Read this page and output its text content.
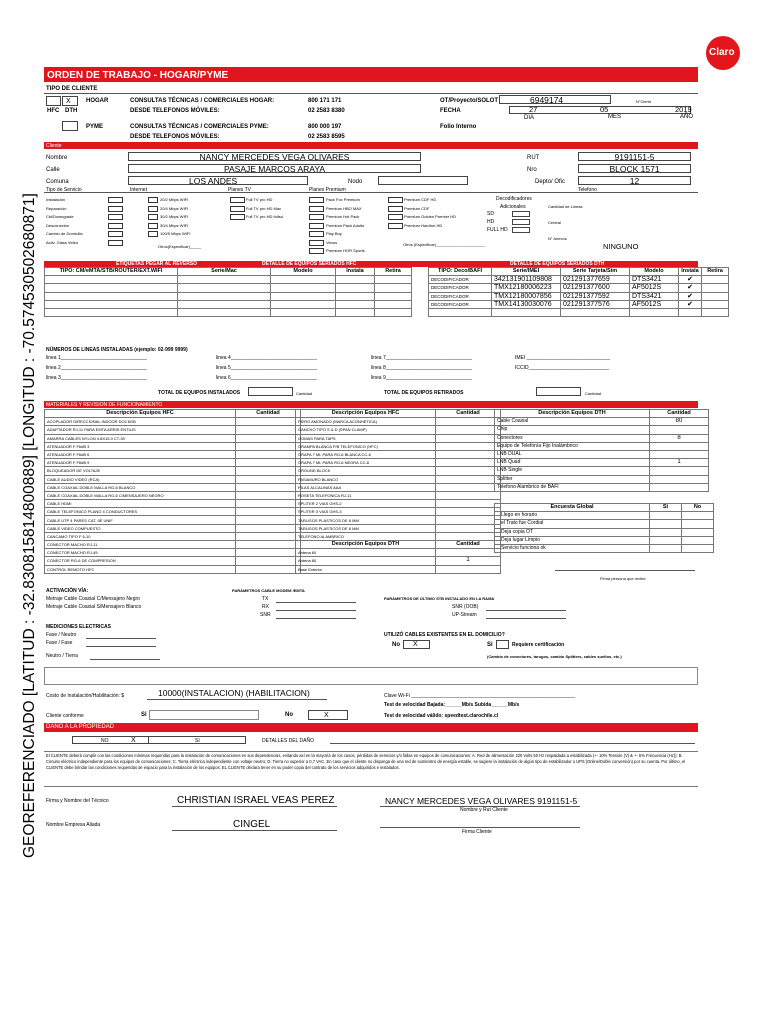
GEOREFERENCIADO [LATITUD : -32.830815814800889] [LONGITUD : -70.574530502680871]
Claro
ORDEN DE TRABAJO - HOGAR/PYME
TIPO DE CLIENTE
X	HOGAR
HFC DTH
PYME
CONSULTAS TÉCNICAS / COMERCIALES HOGAR:	800 171 171
DESDE TELEFONOS MÓVILES:	02 2583 8380
CONSULTAS TÉCNICAS / COMERCIALES PYME:	800 000 197
DESDE TELEFONOS MÓVILES:	02 2583 8595
OT/Proyecto/SOLOT	6949174	N°Cierre
FECHA	27	05	2019
DIA	MES	AÑO
Folio Interno
Cliente
Nombre	NANCY MERCEDES VEGA OLIVARES	RUT	9191151-5
Calle	PASAJE MARCOS ARAYA	Nro	BLOCK 1571
Comuna	LOS ANDES	Nodo	Depto/ Ofic	12
Tipo de Servicio	Internet	Planes TV	Planes Premium	Telefono
Instalación
Reparación
Cbi/Downgrade
Desconexión
Cambio de Domicilio
Activ. Glass Video
20/2 Mbps WIFI
20/4 Mbps WIFI
30/2 Mbps WIFI
30/4 Mbps WIFI
100/5 Mbps WIFI
Otros(Especificar)_____
Full TV pro HD
Full TV pro HD Max
Full TV pro HD fullsd
Pack Fox Premium
Premium HBO MAX
Premium Hot Pack
Premium Pack Adulto
Play Boy
Venus
Premium HOR Sports
Premium CDF HD
Premium CDF
Premium Golden Premier HD
Premium Hardhm HD
Decodificadores
Adicionales
SD
HD
FULL HD
Cantidad de Lineas
Central
N° Anexos
NINGUNO
Otros (Especificar)______________________
ETIQUETAS PEGAR AL REVERSO	DETALLE DE EQUIPOS SERIADOS HFC	DETALLE DE EQUIPOS SERIADOS DTH
TIPO: CM/eMTA/STB/ROUTER/EXT.WIFI	Serie/Mac	Modelo	Instala	Retira

					TIPO: Deco/BAFI	Serie/IMEI	Serie Tarjeta/Sim	Modelo	Instala	Retira
DECODIFICADOR	342131901109808	021291377659	DTS3421	✔	
DECODIFICADOR	TMX12180006223	021291377600	AF5012S	✔	
DECODIFICADOR	TMX12180007856	021291377592	DTS3421	✔	
DECODIFICADOR	TMX14130030076	021291377576	AF5012S	✔	

NÚMEROS DE LINEAS INSTALADAS (ejemplo: 02-999 9999)
linea 1_______________________________
linea 2_______________________________
linea 3_______________________________
linea 4_______________________________
linea 5_______________________________
linea 6_______________________________
linea 7_______________________________
linea 8_______________________________
linea 9_______________________________
IMEI ______________________________
ICCID_____________________________
TOTAL DE EQUIPOS INSTALADOS	Cantidad	TOTAL DE EQUIPOS RETIRADOS	Cantidad
MATERIALES Y REVISION DE FUNCIONAMIENTO
Descripción Equipos HFC	Cantidad
ACOPLADOR DIRECCIONAL INDOOR DC6 6GB	
ADAPTADOR RJ-11 PARA EMTA ARRIS ENTILIS	
AMARRA CABLES NYLON 4.8X15.0 CT-30	
ATENUADOR F F6dB 3	
ATENUADOR F F6dB 6	
ATENUADOR F F6dB 9	
BLOQUEADOR DE VOLTAJE	
CABLE AUDIO VIDEO (RCA)	
CABLE COAXIAL DOBLE MALLA RG-6 BLANCO	
CABLE COAXIAL DOBLE MALLA RG-6 C/MENSAJERO NEGRO	
CABLE HDMI	
CABLE TELEFONICO PLANO 4 CONDUCTORES	
CABLE UTP 4 PARES CAT. 5E UNIF	
CABLE VIDEO COMPUESTO	
CANCAMO TIPO F 6-10	
CONECTOR MACHO RJ-11	
CONECTOR MACHO RJ-45	
CONECTOR RG-6 DE COMPRESION	
CONTROL REMOTO HFC	
Descripción Equipos HFC	Cantidad
FIERO AMONADO (MARCA ACONHETICA)	
GANCHO TIPO S & D (SPAN CLAMP)	
GOMAS PARA TAPS	
GRAMPA BLANCA P/B TELEFONICO (HFC)	
GRAPA 7 ML PARA RG-6 BLANCA CC-6	
GRAPA 7 ML PARA RG-6 NEGRA CC-6	
GROUND BLOCK	
PASAMURO BLANCO	
PILAS ALCALINAS AAA	
ROSETA TELEFONICA RJ-11	
SPLITER 2 VIAS GHS-2	
SPLITER 3 VIAS GHS-3	
TARUGOS PLASTICOS DE 6 MM	
TARUGOS PLASTICOS DE 8 MM	
TELEFONO ALAMBRICO	
Descripción Equipos DTH	Cantidad
Antena 60	
Antena 80	1
Base Exterior	
Descripción Equipos DTH	Cantidad
Cable Coaxial	80
Chip	
Conectores	8
Equipo de Telefonía Fijo Inalámbrico	
LNB DUAL	
LNB Quad	1
LNB Single	
Splitter	
Telefono Alambrico de BAFI	
Encuesta Global	Si	No
Llego en horario		
el Trato fue Cordial		
Deja copia OT		
Deja lugar Limpio		
Servicio funciona ok		
Firma persona que recibe
ACTIVACIÓN VÍA:
Metraje Cable Coaxial C/Mensajero Negro
Metraje Cable Coaxial S/Mensajero Blanco
PARÁMETROS CABLE MODEM /EMTA
TX
RX
SNR
PARÁMETROS DE ÚLTIMO STB INSTALADO EN LA RAMA
SNR (OOB)
UP-Stream
MEDICIONES ELECTRICAS
Fase / Neutro
Fase / Fase
Neutro / Tierra
UTILIZÓ CABLES EXISTENTES EN EL DOMICILIO?
No X	Si	Requiere certificación
(Cambio de conectores, tarugos, cambio Splitters, cables sueltos, etc.)
Costo de Instalación/Habilitación: $	10000(INSTALACION) (HABILITACION)	Clave Wi-Fi ___________________________________________________________
Test de velocidad Bajada:______Mb/s Subida______Mb/s
Test de velocidad válido: speedtest.clarochile.cl
Cliente conforme	Si	No	X
DAÑO A LA PROPIEDAD
NO	X	SI	DETALLES DEL DAÑO
El CLIENTE deberá cumplir con las condiciones mínimas requeridas para la instalación de comunicaciones en sus dependencias, evitando así en la mayoría de los casos, pérdidas de servicios y/o fallas en equipos de comunicaciones: A. Red de alimentación 220 Volts 50 Hz respaldada a estabilizada (+- 10% Tensión (V) & +- 5% Frecuencia (Hz)); B. Circuito eléctrico independiente para los equipos de comunicaciones; C. Tierra eléctrica independiente con voltaje neutro; D. Tierra no superior a 0,7 VAC. En caso que el cliente no disponga de una red de suministro de energía estable, se sugiere la instalación de algún tipo de estabilizador o UPS (Online/Doble conversión) por su cuenta. Por último, el CLIENTE debe brindar las condiciones requeridas de espacio para la instalación de los equipos. EL CLIENTE declara tener en su poder copia del contrato de los servicios adquiridos e instalados.
Firma y Nombre del Técnico	CHRISTIAN ISRAEL VEAS PEREZ	NANCY MERCEDES VEGA OLIVARES 9191151-5
Nombre y Rut Cliente
Nombre Empresa Aliada	CINGEL
Firma Cliente
